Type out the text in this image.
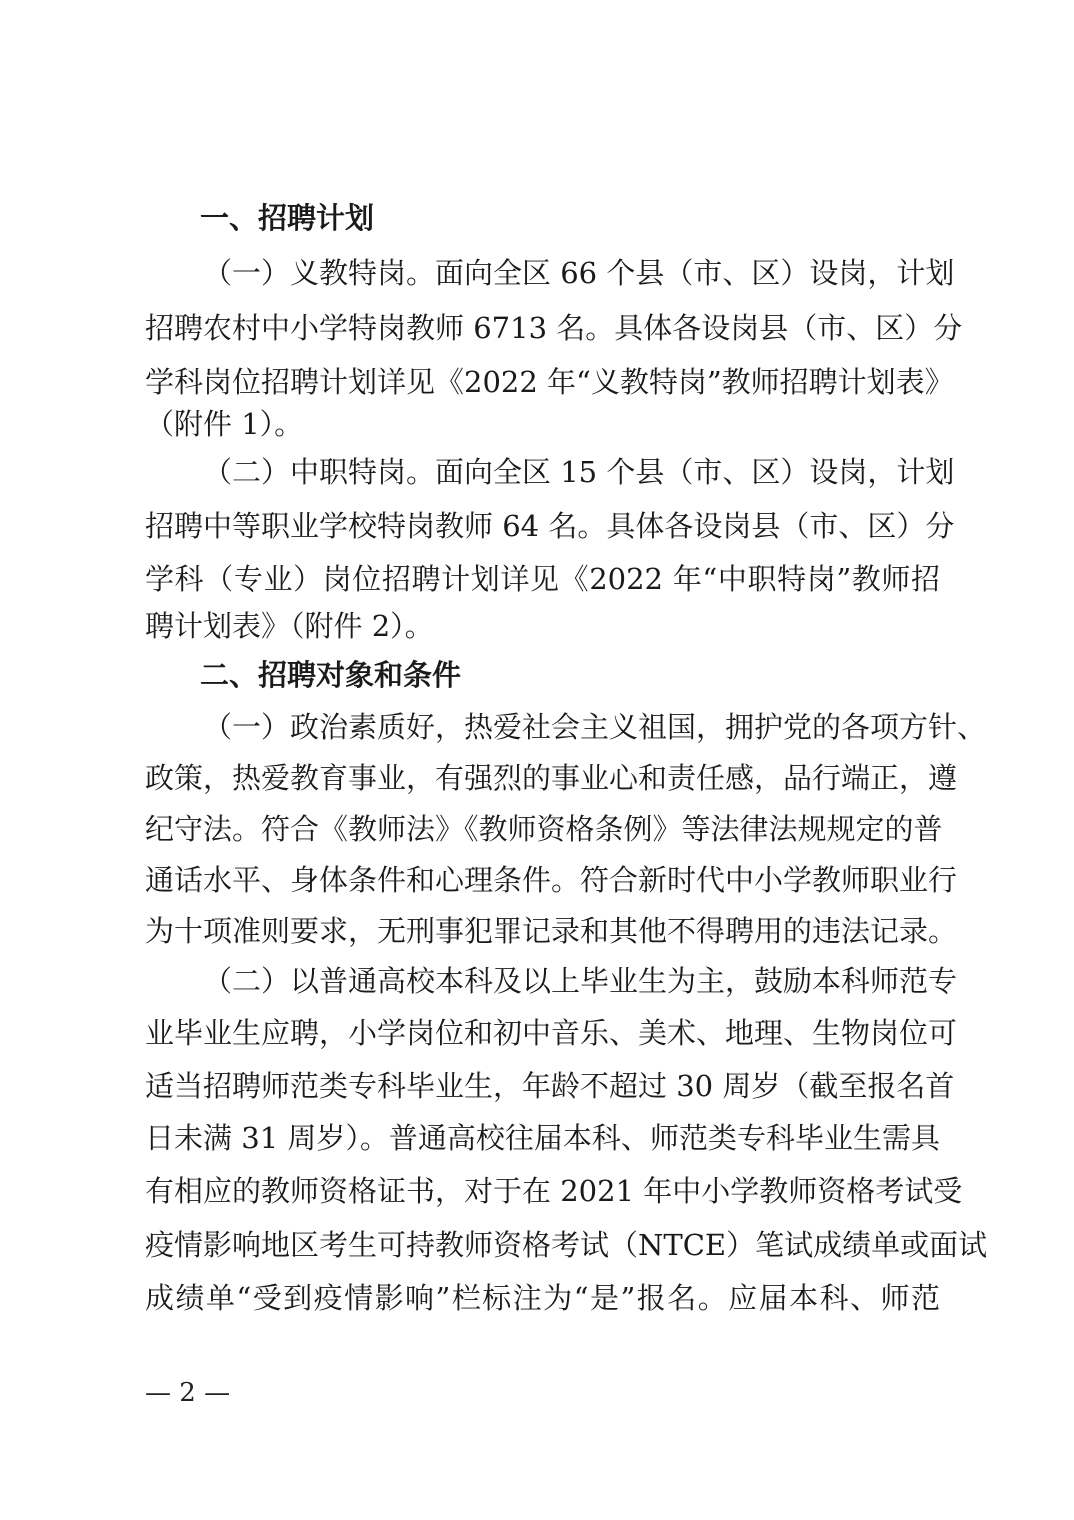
一、招聘计划
（一）义教特岗。面向全区 66 个县（市、区）设岗，计划
招聘农村中小学特岗教师 6713 名。具体各设岗县（市、区）分
学科岗位招聘计划详见《2022 年“义教特岗”教师招聘计划表》
（附件 1）。
（二）中职特岗。面向全区 15 个县（市、区）设岗，计划
招聘中等职业学校特岗教师 64 名。具体各设岗县（市、区）分
学科（专业）岗位招聘计划详见《2022 年“中职特岗”教师招
聘计划表》（附件 2）。
二、招聘对象和条件
（一）政治素质好，热爱社会主义祖国，拥护党的各项方针、
政策，热爱教育事业，有强烈的事业心和责任感，品行端正，遵
纪守法。符合《教师法》《教师资格条例》等法律法规规定的普
通话水平、身体条件和心理条件。符合新时代中小学教师职业行
为十项准则要求，无刑事犯罪记录和其他不得聘用的违法记录。
（二）以普通高校本科及以上毕业生为主，鼓励本科师范专
业毕业生应聘，小学岗位和初中音乐、美术、地理、生物岗位可
适当招聘师范类专科毕业生，年龄不超过 30 周岁（截至报名首
日未满 31 周岁）。普通高校往届本科、师范类专科毕业生需具
有相应的教师资格证书，对于在 2021 年中小学教师资格考试受
疫情影响地区考生可持教师资格考试（NTCE）笔试成绩单或面试
成绩单“受到疫情影响”栏标注为“是”报名。应届本科、师范
— 2 —
